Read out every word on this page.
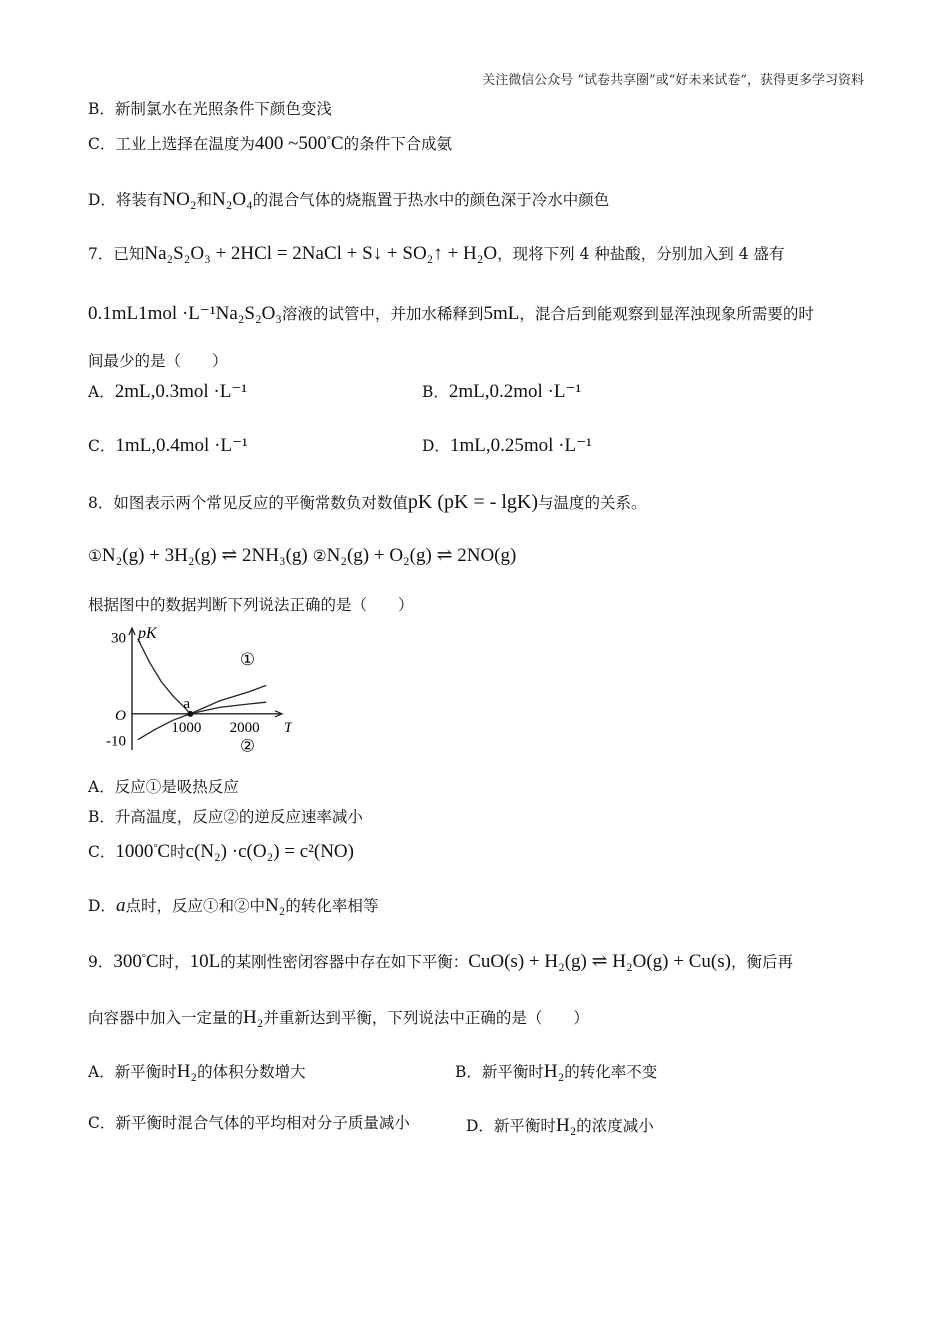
关注微信公众号 “试卷共享圈”或“好未来试卷”，获得更多学习资料
B．新制氯水在光照条件下颜色变浅
C．工业上选择在温度为400 ~500°C的条件下合成氨
D．将装有NO₂和N₂O₄的混合气体的烧瓶置于热水中的颜色深于冷水中颜色
7．已知Na₂S₂O₃ + 2HCl = 2NaCl + S↓ + SO₂↑ + H₂O，现将下列 4 种盐酸，分别加入到 4 盛有
0.1mL1mol ·L⁻¹Na₂S₂O₃溶液的试管中，并加水稀释到5mL，混合后到能观察到显浑浊现象所需要的时
间最少的是（　　）
A．2mL,0.3mol ·L⁻¹	B．2mL,0.2mol ·L⁻¹
C．1mL,0.4mol ·L⁻¹	D．1mL,0.25mol ·L⁻¹
8．如图表示两个常见反应的平衡常数负对数值pK (pK = - lgK)与温度的关系。
①N₂(g) + 3H₂(g) ⇌ 2NH₃(g) ②N₂(g) + O₂(g) ⇌ 2NO(g)
根据图中的数据判断下列说法正确的是（　　）
pK
T
30
O
-10
1000 2000
a
①
②
A．反应①是吸热反应
B．升高温度，反应②的逆反应速率减小
C．1000°C时c(N₂) ·c(O₂) = c²(NO)
D．a点时，反应①和②中N₂的转化率相等
9．300°C时，10L的某刚性密闭容器中存在如下平衡：CuO(s) + H₂(g) ⇌ H₂O(g) + Cu(s)，衡后再
向容器中加入一定量的H₂并重新达到平衡，下列说法中正确的是（　　）
A．新平衡时H₂的体积分数增大	B．新平衡时H₂的转化率不变
C．新平衡时混合气体的平均相对分子质量减小	D．新平衡时H₂的浓度减小
